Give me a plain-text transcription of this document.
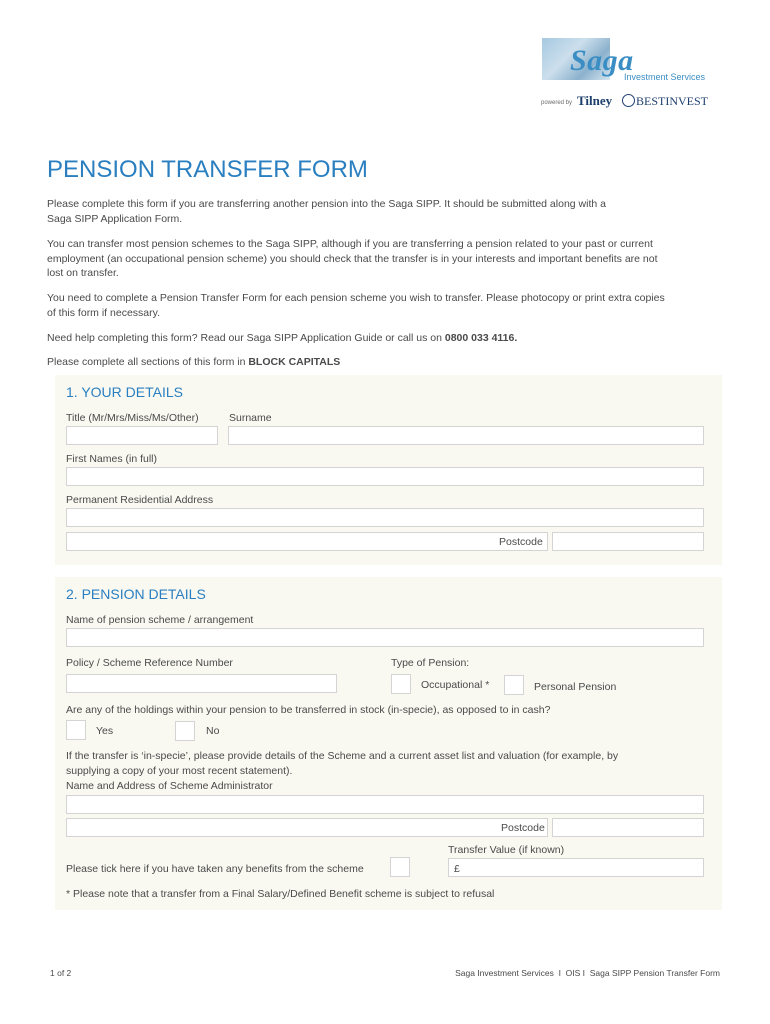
Saga
Investment Services
powered by Tilney BESTINVEST
PENSION TRANSFER FORM

Please complete this form if you are transferring another pension into the Saga SIPP. It should be submitted along with a
Saga SIPP Application Form.

You can transfer most pension schemes to the Saga SIPP, although if you are transferring a pension related to your past or current
employment (an occupational pension scheme) you should check that the transfer is in your interests and important benefits are not
lost on transfer.

You need to complete a Pension Transfer Form for each pension scheme you wish to transfer. Please photocopy or print extra copies
of this form if necessary.

Need help completing this form? Read our Saga SIPP Application Guide or call us on 0800 033 4116.

Please complete all sections of this form in BLOCK CAPITALS

1. YOUR DETAILS
Title (Mr/Mrs/Miss/Ms/Other)	Surname
First Names (in full)
Permanent Residential Address
Postcode
2. PENSION DETAILS
Name of pension scheme / arrangement
Policy / Scheme Reference Number	Type of Pension:
Occupational *	Personal Pension
Are any of the holdings within your pension to be transferred in stock (in-specie), as opposed to in cash?
Yes	No
If the transfer is ‘in-specie’, please provide details of the Scheme and a current asset list and valuation (for example, by
supplying a copy of your most recent statement).
Name and Address of Scheme Administrator
Postcode
Transfer Value (if known)
Please tick here if you have taken any benefits from the scheme	£
* Please note that a transfer from a Final Salary/Defined Benefit scheme is subject to refusal
1 of 2	Saga Investment Services  I  OIS I  Saga SIPP Pension Transfer Form
